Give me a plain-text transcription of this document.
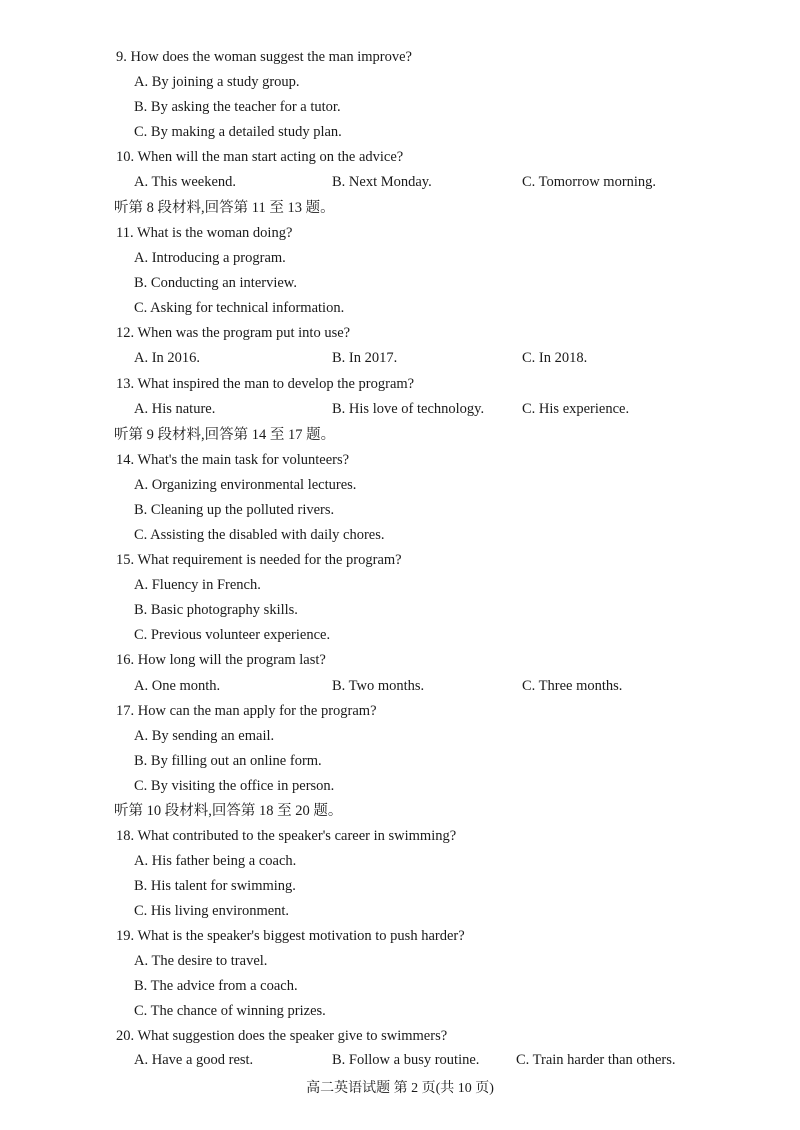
9. How does the woman suggest the man improve?
A. By joining a study group.
B. By asking the teacher for a tutor.
C. By making a detailed study plan.
10. When will the man start acting on the advice?
A. This weekend.	B. Next Monday.	C. Tomorrow morning.
听第 8 段材料,回答第 11 至 13 题。
11. What is the woman doing?
A. Introducing a program.
B. Conducting an interview.
C. Asking for technical information.
12. When was the program put into use?
A. In 2016.	B. In 2017.	C. In 2018.
13. What inspired the man to develop the program?
A. His nature.	B. His love of technology.	C. His experience.
听第 9 段材料,回答第 14 至 17 题。
14. What's the main task for volunteers?
A. Organizing environmental lectures.
B. Cleaning up the polluted rivers.
C. Assisting the disabled with daily chores.
15. What requirement is needed for the program?
A. Fluency in French.
B. Basic photography skills.
C. Previous volunteer experience.
16. How long will the program last?
A. One month.	B. Two months.	C. Three months.
17. How can the man apply for the program?
A. By sending an email.
B. By filling out an online form.
C. By visiting the office in person.
听第 10 段材料,回答第 18 至 20 题。
18. What contributed to the speaker's career in swimming?
A. His father being a coach.
B. His talent for swimming.
C. His living environment.
19. What is the speaker's biggest motivation to push harder?
A. The desire to travel.
B. The advice from a coach.
C. The chance of winning prizes.
20. What suggestion does the speaker give to swimmers?
A. Have a good rest.	B. Follow a busy routine.	C. Train harder than others.
高二英语试题 第 2 页(共 10 页)
